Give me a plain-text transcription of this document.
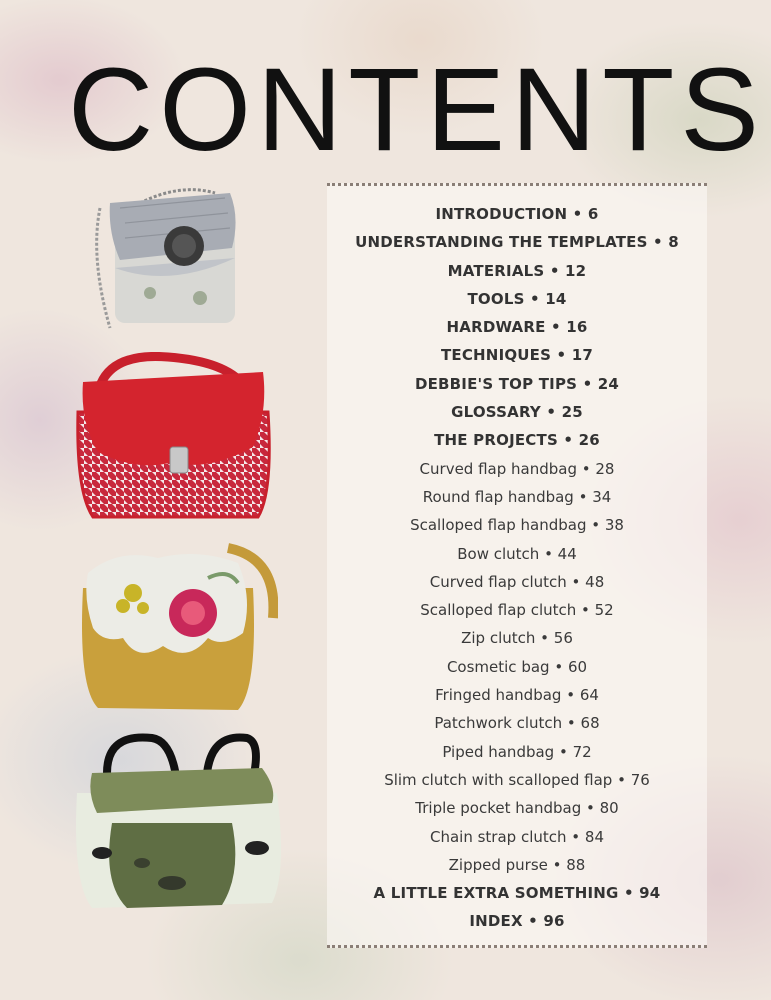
CONTENTS
INTRODUCTION • 6
UNDERSTANDING THE TEMPLATES • 8
MATERIALS • 12
TOOLS • 14
HARDWARE • 16
TECHNIQUES • 17
DEBBIE'S TOP TIPS • 24
GLOSSARY • 25
THE PROJECTS • 26
Curved flap handbag • 28
Round flap handbag • 34
Scalloped flap handbag • 38
Bow clutch • 44
Curved flap clutch • 48
Scalloped flap clutch • 52
Zip clutch • 56
Cosmetic bag • 60
Fringed handbag • 64
Patchwork clutch • 68
Piped handbag • 72
Slim clutch with scalloped flap • 76
Triple pocket handbag • 80
Chain strap clutch • 84
Zipped purse • 88
A LITTLE EXTRA SOMETHING • 94
INDEX • 96
